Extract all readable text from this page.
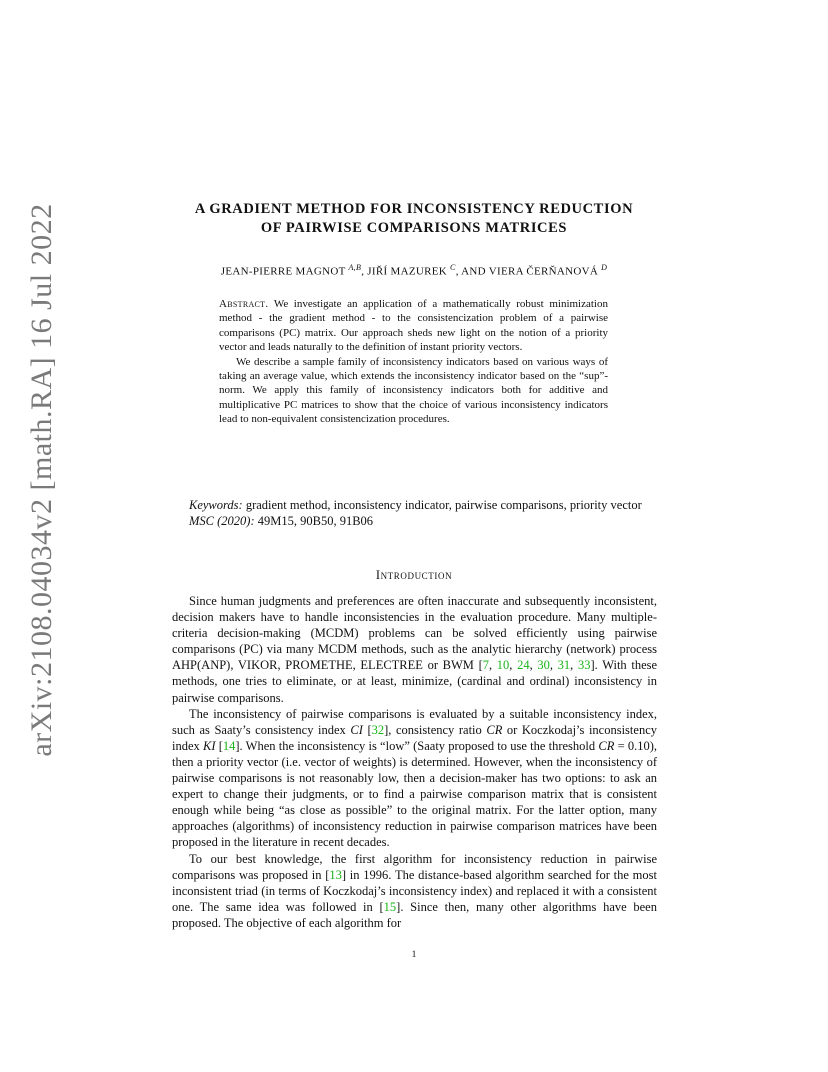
arXiv:2108.04034v2 [math.RA] 16 Jul 2022	A GRADIENT METHOD FOR INCONSISTENCY REDUCTION
OF PAIRWISE COMPARISONS MATRICES
JEAN-PIERRE MAGNOT $^{A,B}$, JIŘÍ MAZUREK $^C$, AND VIERA ČERŇANOVÁ $^D$

Abstract. We investigate an application of a mathematically robust minimization method - the gradient method - to the consistencization problem of a pairwise comparisons (PC) matrix. Our approach sheds new light on the notion of a priority vector and leads naturally to the definition of instant priority vectors.

We describe a sample family of inconsistency indicators based on various ways of taking an average value, which extends the inconsistency indicator based on the “sup”- norm. We apply this family of inconsistency indicators both for additive and multiplicative PC matrices to show that the choice of various inconsistency indicators lead to non-equivalent consistencization procedures.

Keywords: gradient method, inconsistency indicator, pairwise comparisons, priority vector

MSC (2020): 49M15, 90B50, 91B06

Introduction

Since human judgments and preferences are often inaccurate and subsequently inconsistent, decision makers have to handle inconsistencies in the evaluation procedure. Many multiple-criteria decision-making (MCDM) problems can be solved efficiently using pairwise comparisons (PC) via many MCDM methods, such as the analytic hierarchy (network) process AHP(ANP), VIKOR, PROMETHE, ELECTREE or BWM [7, 10, 24, 30, 31, 33]. With these methods, one tries to eliminate, or at least, minimize, (cardinal and ordinal) inconsistency in pairwise comparisons.

The inconsistency of pairwise comparisons is evaluated by a suitable inconsistency index, such as Saaty’s consistency index CI [32], consistency ratio CR or Koczkodaj’s inconsistency index KI [14]. When the inconsistency is “low” (Saaty proposed to use the threshold CR = 0.10), then a priority vector (i.e. vector of weights) is determined. However, when the inconsistency of pairwise comparisons is not reasonably low, then a decision-maker has two options: to ask an expert to change their judgments, or to find a pairwise comparison matrix that is consistent enough while being “as close as possible” to the original matrix. For the latter option, many approaches (algorithms) of inconsistency reduction in pairwise comparison matrices have been proposed in the literature in recent decades.

To our best knowledge, the first algorithm for inconsistency reduction in pairwise comparisons was proposed in [13] in 1996. The distance-based algorithm searched for the most inconsistent triad (in terms of Koczkodaj’s inconsistency index) and replaced it with a consistent one. The same idea was followed in [15]. Since then, many other algorithms have been proposed. The objective of each algorithm for

1
